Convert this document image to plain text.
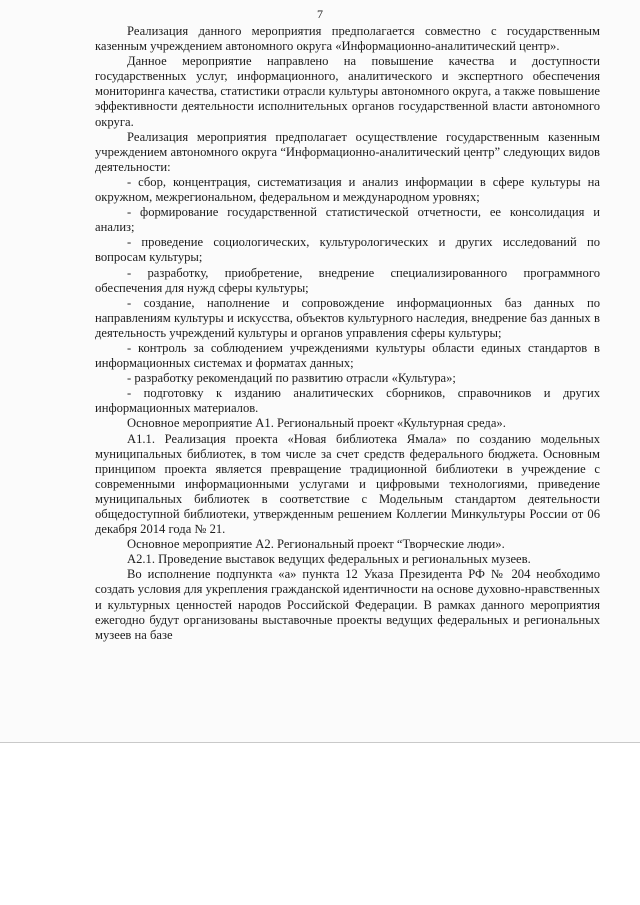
7

Реализация данного мероприятия предполагается совместно с государственным казенным учреждением автономного округа «Информационно-аналитический центр».

Данное мероприятие направлено на повышение качества и доступности государственных услуг, информационного, аналитического и экспертного обеспечения мониторинга качества, статистики отрасли культуры автономного округа, а также повышение эффективности деятельности исполнительных органов государственной власти автономного округа.

Реализация мероприятия предполагает осуществление государственным казенным учреждением автономного округа “Информационно-аналитический центр” следующих видов деятельности:

- сбор, концентрация, систематизация и анализ информации в сфере культуры на окружном, межрегиональном, федеральном и международном уровнях;

- формирование государственной статистической отчетности, ее консолидация и анализ;

- проведение социологических, культурологических и других исследований по вопросам культуры;

- разработку, приобретение, внедрение специализированного программного обеспечения для нужд сферы культуры;

- создание, наполнение и сопровождение информационных баз данных по направлениям культуры и искусства, объектов культурного наследия, внедрение баз данных в деятельность учреждений культуры и органов управления сферы культуры;

- контроль за соблюдением учреждениями культуры области единых стандартов в информационных системах и форматах данных;

- разработку рекомендаций по развитию отрасли «Культура»;

- подготовку к изданию аналитических сборников, справочников и других информационных материалов.

Основное мероприятие А1. Региональный проект «Культурная среда».

А1.1. Реализация проекта «Новая библиотека Ямала» по созданию модельных муниципальных библиотек, в том числе за счет средств федерального бюджета. Основным принципом проекта является превращение традиционной библиотеки в учреждение с современными информационными услугами и цифровыми технологиями, приведение муниципальных библиотек в соответствие с Модельным стандартом деятельности общедоступной библиотеки, утвержденным решением Коллегии Минкультуры России от 06 декабря 2014 года № 21.

Основное мероприятие А2. Региональный проект “Творческие люди».

А2.1. Проведение выставок ведущих федеральных и региональных музеев.

Во исполнение подпункта «а» пункта 12 Указа Президента РФ № 204 необходимо создать условия для укрепления гражданской идентичности на основе духовно-нравственных и культурных ценностей народов Российской Федерации. В рамках данного мероприятия ежегодно будут организованы выставочные проекты ведущих федеральных и региональных музеев на базе
